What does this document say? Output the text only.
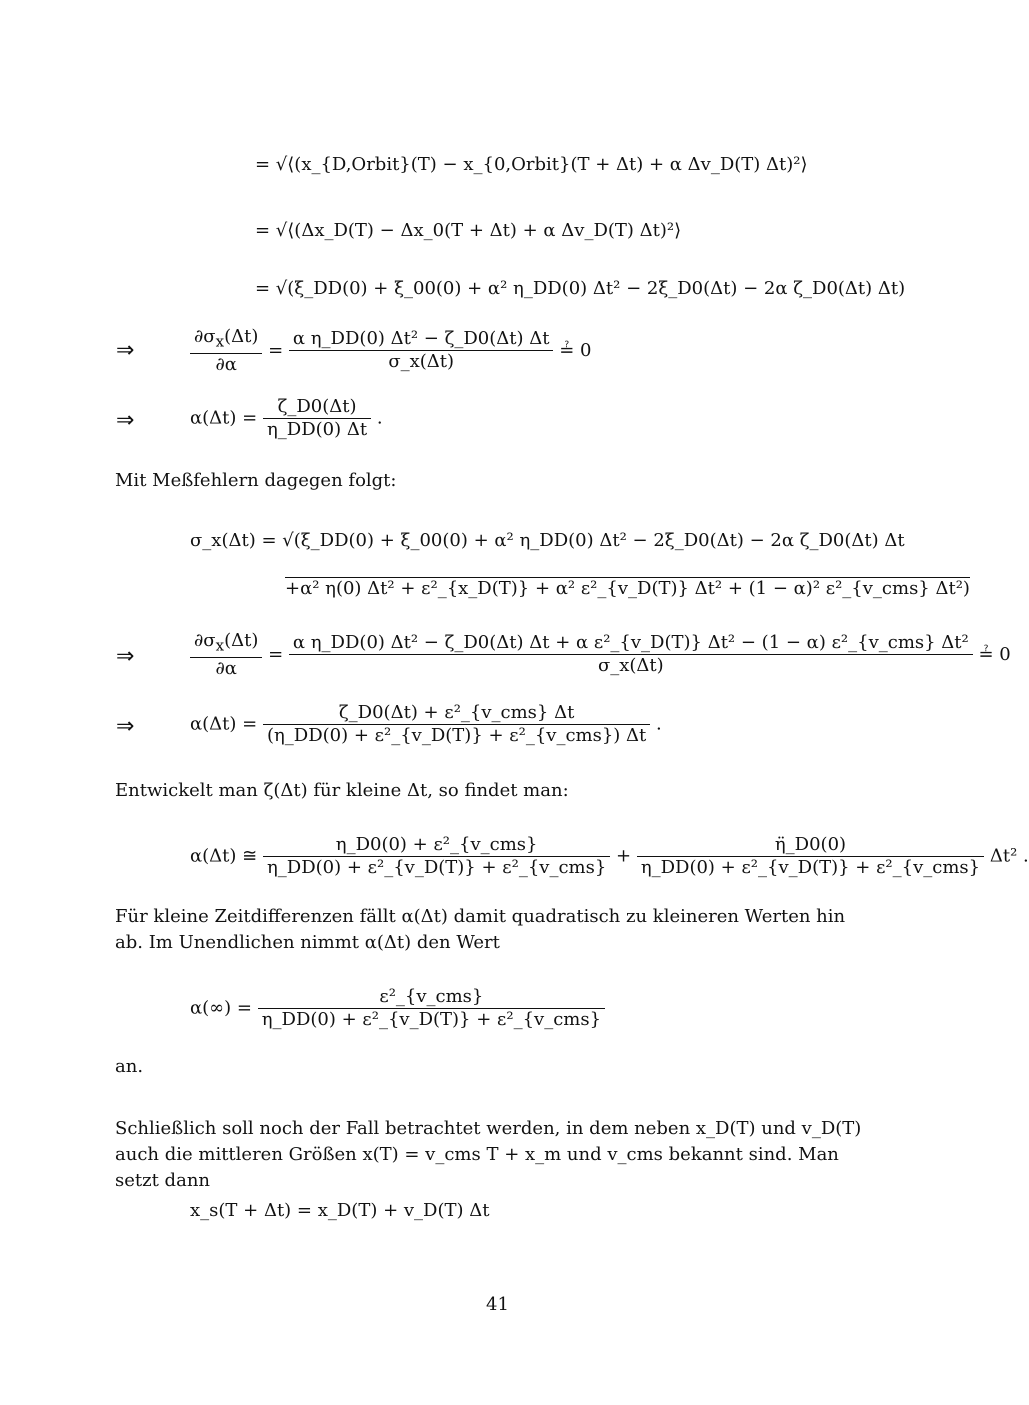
= √⟨(x_{D,Orbit}(T) − x_{0,Orbit}(T + Δt) + α Δv_D(T) Δt)²⟩
= √⟨(Δx_D(T) − Δx_0(T + Δt) + α Δv_D(T) Δt)²⟩
= √(ξ_DD(0) + ξ_00(0) + α² η_DD(0) Δt² − 2ξ_D0(Δt) − 2α ζ_D0(Δt) Δt)
⇒	$\frac{\partial\sigma_x(\Delta t)}{\partial\alpha} = \frac{\text{α η\_DD(0) Δt² − ζ\_D0(Δt) Δt}}{\sigma\_x(\Delta t)}$ ≟ 0
⇒	$\alpha(\Delta t) = \frac{\zeta\_D0(\Delta t)}{\eta\_DD(0) \Delta t}$ .
Mit Meßfehlern dagegen folgt:
σ_x(Δt) = √(ξ_DD(0) + ξ_00(0) + α² η_DD(0) Δt² − 2ξ_D0(Δt) − 2α ζ_D0(Δt) Δt
+α² η(0) Δt² + ε²_{x_D(T)} + α² ε²_{v_D(T)} Δt² + (1 − α)² ε²_{v_cms} Δt²)
⇒	$\frac{\partial\sigma_x(\Delta t)}{\partial\alpha}$ =
α η_DD(0) Δt² − ζ_D0(Δt) Δt + α ε²_{v_D(T)} Δt² − (1 − α) ε²_{v_cms} Δt²
σ_x(Δt)
≟ 0
⇒	$\alpha(\Delta t) = \frac{\text{ζ\_D0(Δt) + ε²\_\{v\_cms\} Δt}}{\text{(η\_DD(0) + ε²\_\{v\_D(T)\} + ε²\_\{v\_cms\}) Δt}}$ .
Entwickelt man ζ(Δt) für kleine Δt, so findet man:
α(Δt) ≅ $\frac{\text{η\_D0(0) + ε²\_\{v\_cms\}}}{\text{η\_DD(0) + ε²\_\{v\_D(T)\} + ε²\_\{v\_cms\}}} + \frac{\etä\_D0(0)}{\text{η\_DD(0) + ε²\_\{v\_D(T)\} + ε²\_\{v\_cms\}}} \Delta t^2$ .
Für kleine Zeitdifferenzen fällt α(Δt) damit quadratisch zu kleineren Werten hin ab. Im Unendlichen nimmt α(Δt) den Wert
$\alpha(\infty) = \frac{\text{ε²\_\{v\_cms\}}}{\text{η\_DD(0) + ε²\_\{v\_D(T)\} + ε²\_\{v\_cms\}}}$
an.
Schließlich soll noch der Fall betrachtet werden, in dem neben x_D(T) und v_D(T) auch die mittleren Größen x(T) = v_cms T + x_m und v_cms bekannt sind. Man setzt dann
x_s(T + Δt) = x_D(T) + v_D(T) Δt
41
